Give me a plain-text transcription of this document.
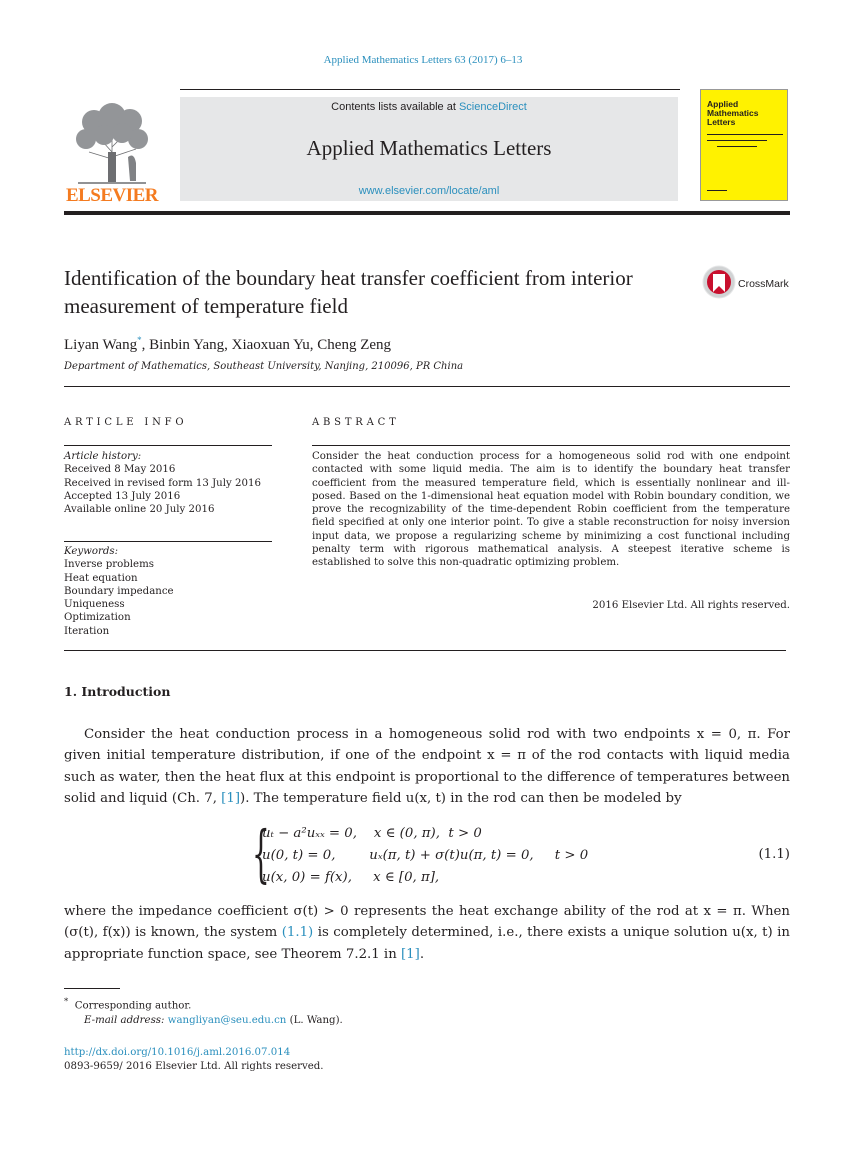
Applied Mathematics Letters 63 (2017) 6–13
ELSEVIER
Contents lists available at ScienceDirect
Applied Mathematics Letters
www.elsevier.com/locate/aml
Applied Mathematics Letters
Identification of the boundary heat transfer coefficient from interior measurement of temperature field
CrossMark
Liyan Wang*, Binbin Yang, Xiaoxuan Yu, Cheng Zeng
Department of Mathematics, Southeast University, Nanjing, 210096, PR China
ARTICLE INFO	ABSTRACT
Article history:
Received 8 May 2016
Received in revised form 13 July 2016
Accepted 13 July 2016
Available online 20 July 2016
Keywords:
Inverse problems
Heat equation
Boundary impedance
Uniqueness
Optimization
Iteration
Consider the heat conduction process for a homogeneous solid rod with one endpoint contacted with some liquid media. The aim is to identify the boundary heat transfer coefficient from the measured temperature field, which is essentially nonlinear and ill-posed. Based on the 1-dimensional heat equation model with Robin boundary condition, we prove the recognizability of the time-dependent Robin coefficient from the temperature field specified at only one interior point. To give a stable reconstruction for noisy inversion input data, we propose a regularizing scheme by minimizing a cost functional including penalty term with rigorous mathematical analysis. A steepest iterative scheme is established to solve this non-quadratic optimizing problem.
2016 Elsevier Ltd. All rights reserved.
1. Introduction
Consider the heat conduction process in a homogeneous solid rod with two endpoints x = 0, π. For given initial temperature distribution, if one of the endpoint x = π of the rod contacts with liquid media such as water, then the heat flux at this endpoint is proportional to the difference of temperatures between solid and liquid (Ch. 7, [1]). The temperature field u(x, t) in the rod can then be modeled by
{
uₜ − a²uₓₓ = 0,    x ∈ (0, π),  t > 0
u(0, t) = 0,        uₓ(π, t) + σ(t)u(π, t) = 0,     t > 0
u(x, 0) = f(x),     x ∈ [0, π],
(1.1)
where the impedance coefficient σ(t) > 0 represents the heat exchange ability of the rod at x = π. When (σ(t), f(x)) is known, the system (1.1) is completely determined, i.e., there exists a unique solution u(x, t) in appropriate function space, see Theorem 7.2.1 in [1].
* Corresponding author.
E-mail address: wangliyan@seu.edu.cn (L. Wang).
http://dx.doi.org/10.1016/j.aml.2016.07.014
0893-9659/ 2016 Elsevier Ltd. All rights reserved.
